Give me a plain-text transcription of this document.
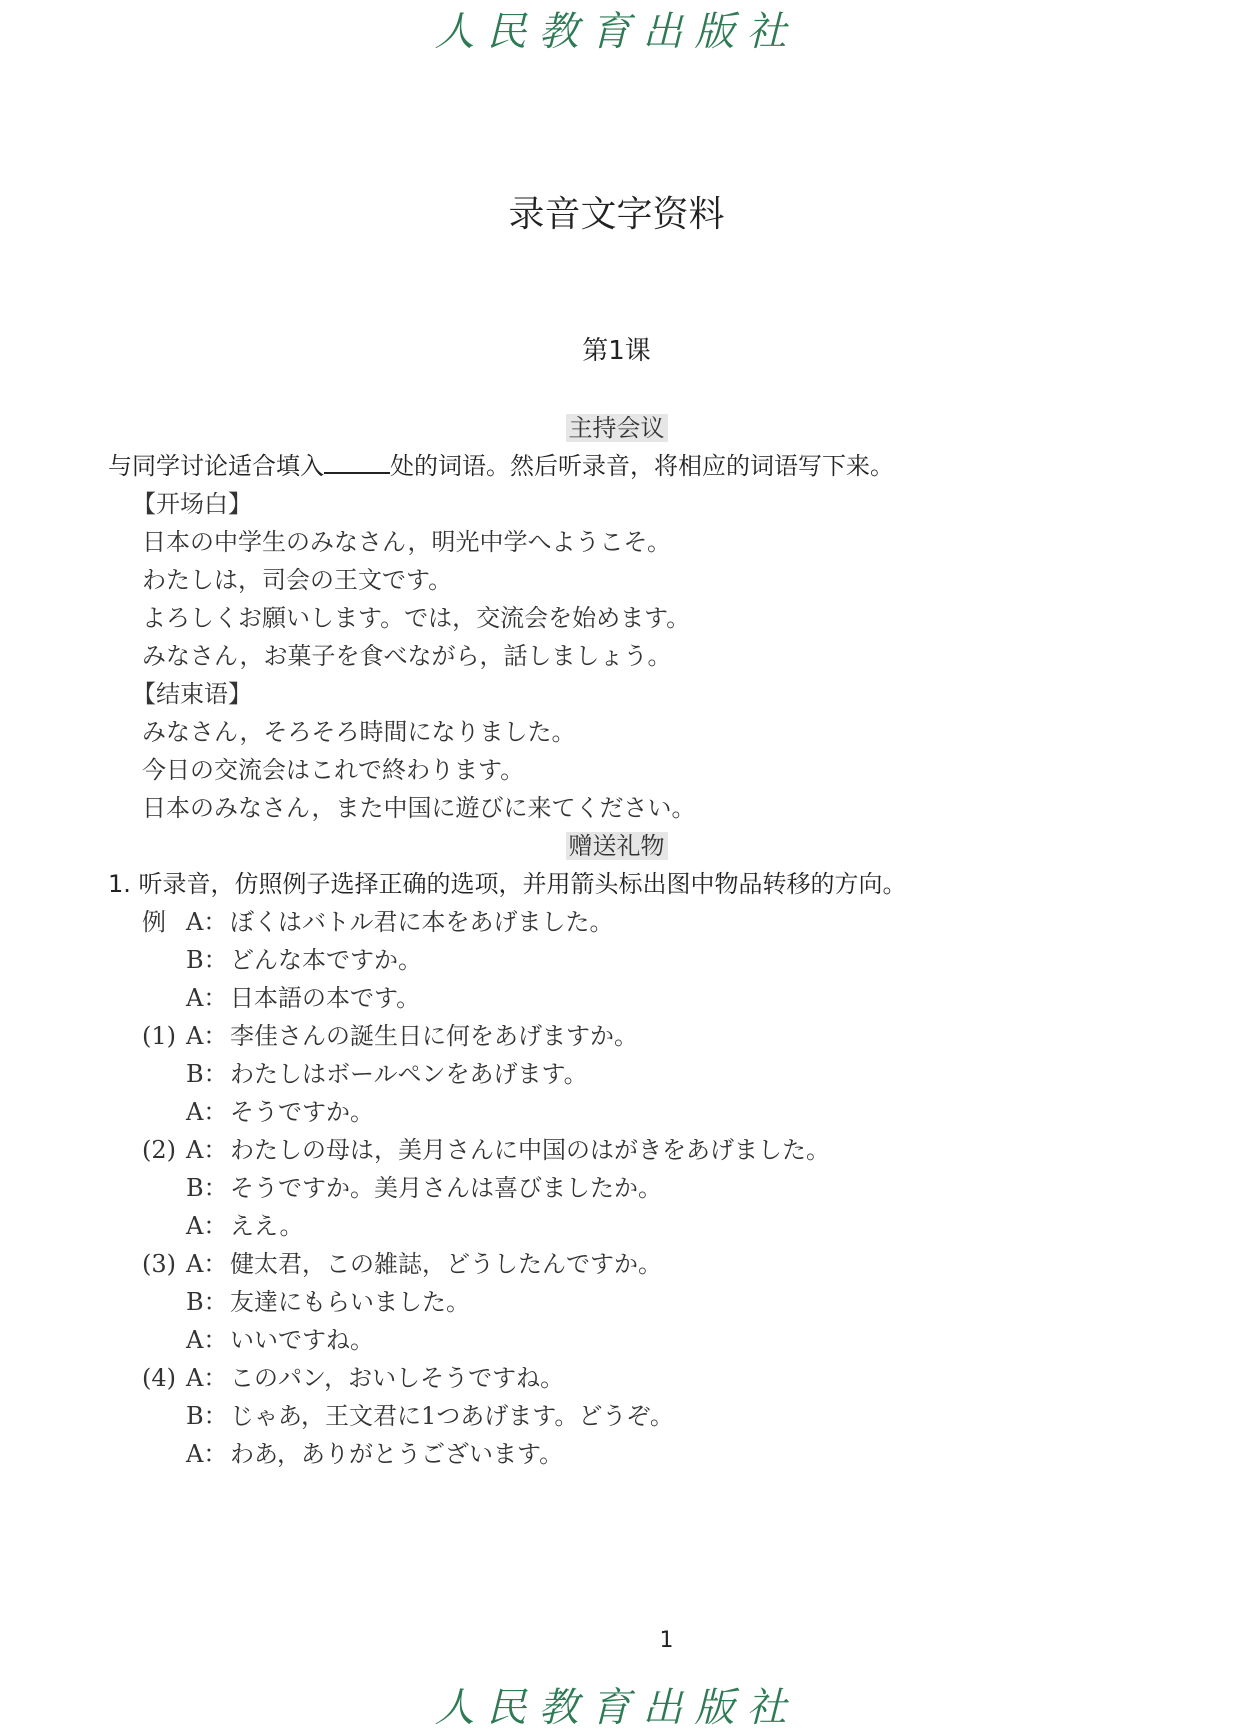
人民教育出版社
录音文字资料
第1课
主持会议
与同学讨论适合填入	处的词语。然后听录音，将相应的词语写下来。
【开场白】
日本の中学生のみなさん，明光中学へようこそ。
わたしは，司会の王文です。
よろしくお願いします。では，交流会を始めます。
みなさん，お菓子を食べながら，話しましょう。
【结束语】
みなさん，そろそろ時間になりました。
今日の交流会はこれで終わります。
日本のみなさん，また中国に遊びに来てください。
赠送礼物
1. 听录音，仿照例子选择正确的选项，并用箭头标出图中物品转移的方向。
例 A： ぼくはバトル君に本をあげました。
B：どんな本ですか。
A： 日本語の本です。
(1) A： 李佳さんの誕生日に何をあげますか。
B：わたしはボールペンをあげます。
A： そうですか。
(2) A： わたしの母は，美月さんに中国のはがきをあげました。
B：そうですか。美月さんは喜びましたか。
A： ええ。
(3) A： 健太君，この雑誌，どうしたんですか。
B：友達にもらいました。
A： いいですね。
(4) A： このパン，おいしそうですね。
B：じゃあ，王文君に1つあげます。どうぞ。
A： わあ，ありがとうございます。
1
人民教育出版社
